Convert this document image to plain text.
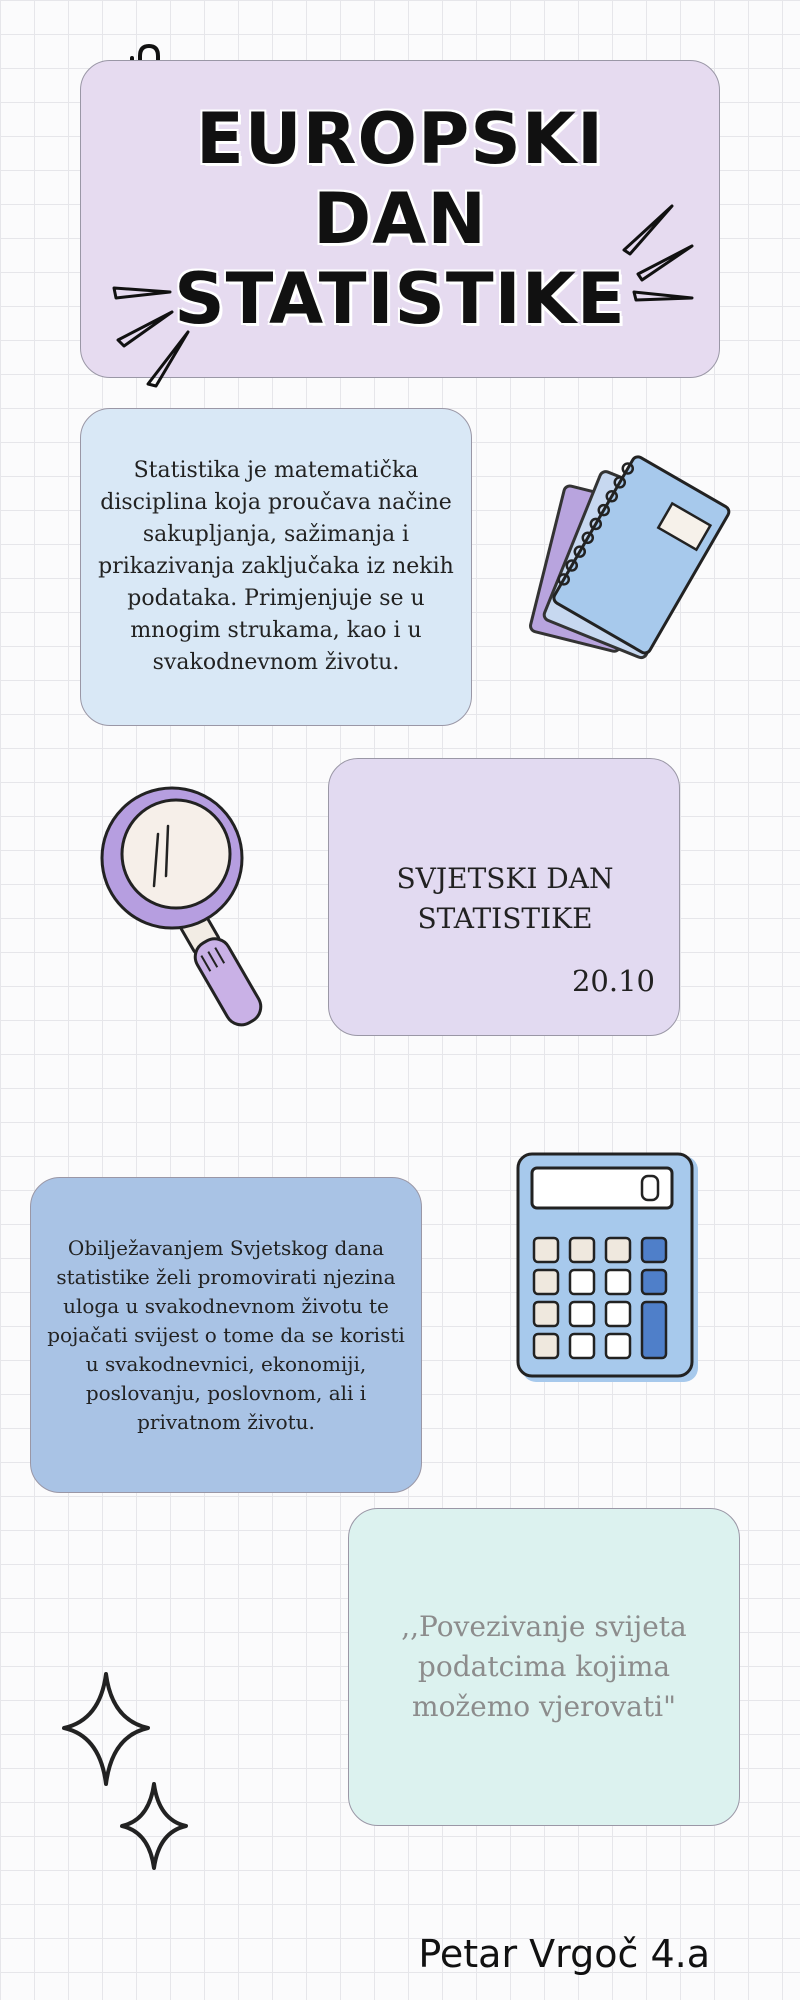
EUROPSKI
DAN
STATISTIKE
Statistika je matematička disciplina koja proučava načine sakupljanja, sažimanja i prikazivanja zaključaka iz nekih podataka. Primjenjuje se u mnogim strukama, kao i u svakodnevnom životu.
SVJETSKI DAN STATISTIKE
20.10
Obilježavanjem Svjetskog dana statistike želi promovirati njezina uloga u svakodnevnom životu te pojačati svijest o tome da se koristi u svakodnevnici, ekonomiji, poslovanju, poslovnom, ali i privatnom životu.
,,Povezivanje svijeta podatcima kojima možemo vjerovati"
Petar Vrgoč 4.a
